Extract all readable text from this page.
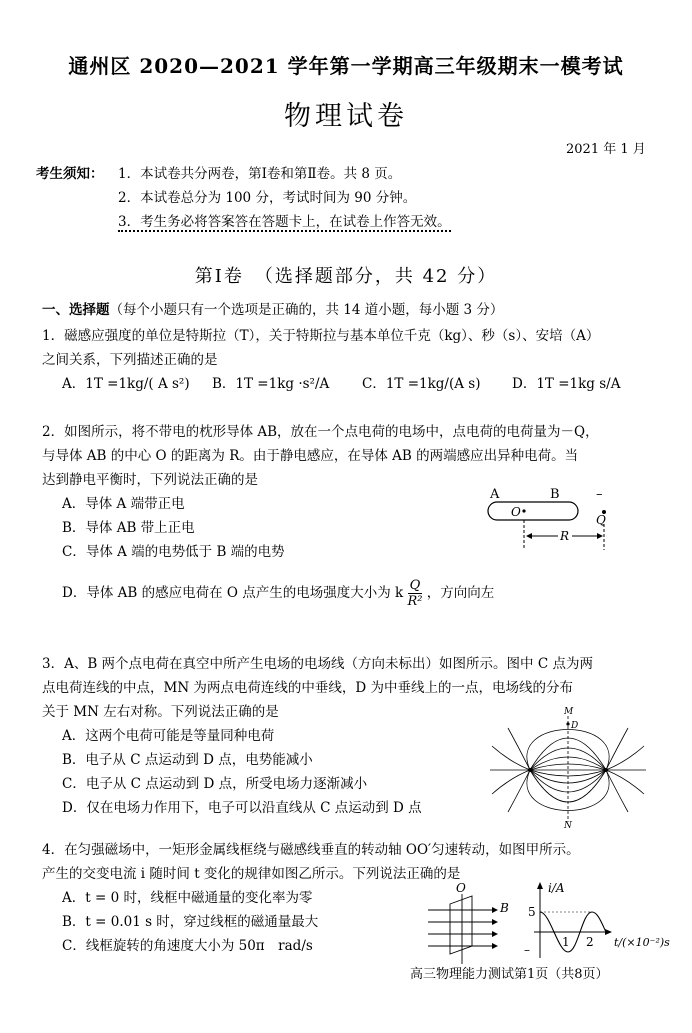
通州区 2020—2021 学年第一学期高三年级期末一模考试
物理试卷
2021 年 1 月
考生须知： 1．本试卷共分两卷，第Ⅰ卷和第Ⅱ卷。共 8 页。
2．本试卷总分为 100 分，考试时间为 90 分钟。
3．考生务必将答案答在答题卡上，在试卷上作答无效。
第Ⅰ卷　（选择题部分，共 42 分）
一、选择题（每个小题只有一个选项是正确的，共 14 道小题，每小题 3 分）
1．磁感应强度的单位是特斯拉（T），关于特斯拉与基本单位千克（kg）、秒（s）、安培（A）
之间关系，下列描述正确的是
A．1T =1kg/( A s²)	B．1T =1kg ·s²/A	C．1T =1kg/(A s)	D．1T =1kg s/A
2．如图所示，将不带电的枕形导体 AB，放在一个点电荷的电场中，点电荷的电荷量为－Q，
与导体 AB 的中心 O 的距离为 R。由于静电感应，在导体 AB 的两端感应出异种电荷。当
达到静电平衡时，下列说法正确的是
A．导体 A 端带正电
B．导体 AB 带上正电
C．导体 A 端的电势低于 B 端的电势
D．导体 AB 的感应电荷在 O 点产生的电场强度大小为 k $\frac{Q}{\text{R²}}$ ，方向向左
A	B
O
–
Q
R
3．A、B 两个点电荷在真空中所产生电场的电场线（方向未标出）如图所示。图中 C 点为两
点电荷连线的中点，MN 为两点电荷连线的中垂线，D 为中垂线上的一点，电场线的分布
关于 MN 左右对称。下列说法正确的是
A．这两个电荷可能是等量同种电荷
B．电子从 C 点运动到 D 点，电势能减小
C．电子从 C 点运动到 D 点，所受电场力逐渐减小
D．仅在电场力作用下，电子可以沿直线从 C 点运动到 D 点
M
D
N
4．在匀强磁场中，一矩形金属线框绕与磁感线垂直的转动轴 OO′匀速转动，如图甲所示。
产生的交变电流 i 随时间 t 变化的规律如图乙所示。下列说法正确的是
A．t = 0 时，线框中磁通量的变化率为零
B．t = 0.01 s 时，穿过线框的磁通量最大
C．线框旋转的角速度大小为 50π　rad/s
O
B
i/A
5
–
1 2 t/(×10⁻²)s
高三物理能力测试第1页（共8页）
